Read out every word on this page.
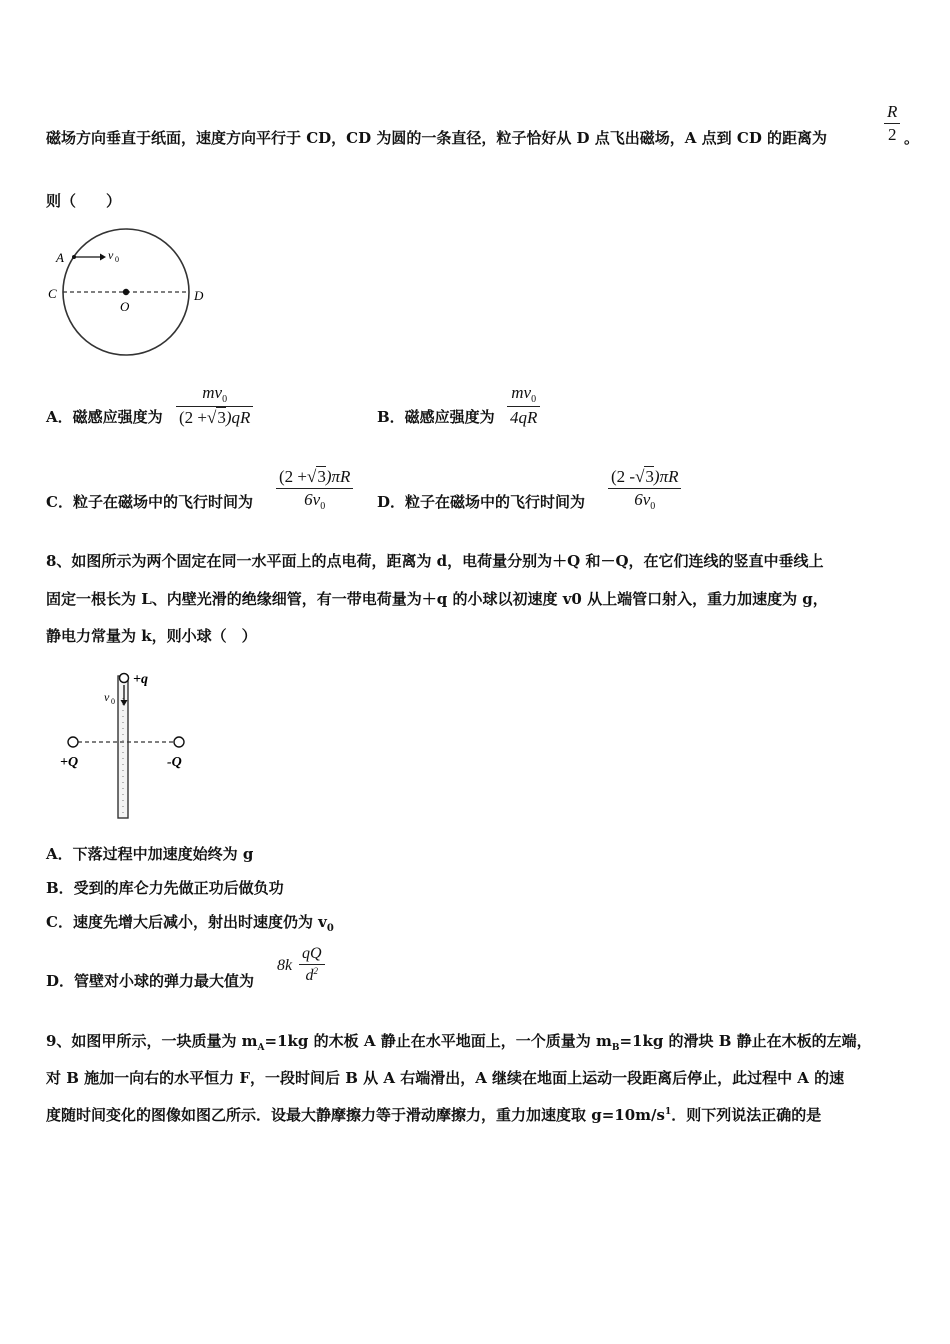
磁场方向垂直于纸面，速度方向平行于 CD，CD 为圆的一条直径，粒子恰好从 D 点飞出磁场，A 点到 CD 的距离为
R
2 。
则（　　）
A	v 0
C
O
D
A．磁感应强度为
$mv_0$
(2 +√3)qR	B．磁感应强度为
$mv_0$
4qR
C．粒子在磁场中的飞行时间为
(2 +√3)πR
$6v_0$	D．粒子在磁场中的飞行时间为
(2 -√3)πR
$6v_0$
8、如图所示为两个固定在同一水平面上的点电荷，距离为 d，电荷量分别为＋Q 和－Q，在它们连线的竖直中垂线上
固定一根长为 L、内壁光滑的绝缘细管，有一带电荷量为＋q 的小球以初速度 v0 从上端管口射入，重力加速度为 g，
静电力常量为 k，则小球（　）
+q
v 0
+Q	-Q
A．下落过程中加速度始终为 g
B．受到的库仑力先做正功后做负功
C．速度先增大后减小，射出时速度仍为 $v_0$
D．管壁对小球的弹力最大值为
$8k \frac{qQ}{d^2}$
9、如图甲所示，一块质量为 $m_A=1kg$ 的木板 A 静止在水平地面上，一个质量为 $m_B=1kg$ 的滑块 B 静止在木板的左端，
对 B 施加一向右的水平恒力 F，一段时间后 B 从 A 右端滑出，A 继续在地面上运动一段距离后停止，此过程中 A 的速
度随时间变化的图像如图乙所示．设最大静摩擦力等于滑动摩擦力，重力加速度取 $g=10m/s^1$．则下列说法正确的是
